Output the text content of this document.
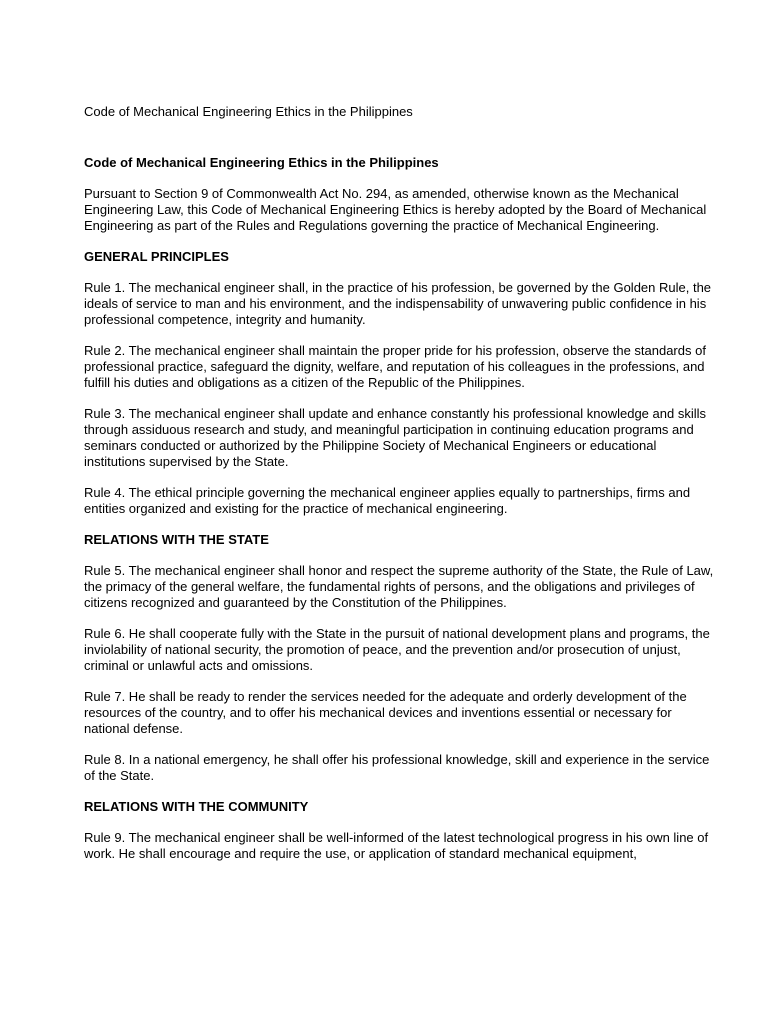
Code of Mechanical Engineering Ethics in the Philippines

Code of Mechanical Engineering Ethics in the Philippines

Pursuant to Section 9 of Commonwealth Act No. 294, as amended, otherwise known as the Mechanical Engineering Law, this Code of Mechanical Engineering Ethics is hereby adopted by the Board of Mechanical Engineering as part of the Rules and Regulations governing the practice of Mechanical Engineering.

GENERAL PRINCIPLES

Rule 1. The mechanical engineer shall, in the practice of his profession, be governed by the Golden Rule, the ideals of service to man and his environment, and the indispensability of unwavering public confidence in his professional competence, integrity and humanity.

Rule 2. The mechanical engineer shall maintain the proper pride for his profession, observe the standards of professional practice, safeguard the dignity, welfare, and reputation of his colleagues in the professions, and fulfill his duties and obligations as a citizen of the Republic of the Philippines.

Rule 3. The mechanical engineer shall update and enhance constantly his professional knowledge and skills through assiduous research and study, and meaningful participation in continuing education programs and seminars conducted or authorized by the Philippine Society of Mechanical Engineers or educational institutions supervised by the State.

Rule 4. The ethical principle governing the mechanical engineer applies equally to partnerships, firms and entities organized and existing for the practice of mechanical engineering.

RELATIONS WITH THE STATE

Rule 5. The mechanical engineer shall honor and respect the supreme authority of the State, the Rule of Law, the primacy of the general welfare, the fundamental rights of persons, and the obligations and privileges of citizens recognized and guaranteed by the Constitution of the Philippines.

Rule 6. He shall cooperate fully with the State in the pursuit of national development plans and programs, the inviolability of national security, the promotion of peace, and the prevention and/or prosecution of unjust, criminal or unlawful acts and omissions.

Rule 7. He shall be ready to render the services needed for the adequate and orderly development of the resources of the country, and to offer his mechanical devices and inventions essential or necessary for national defense.

Rule 8. In a national emergency, he shall offer his professional knowledge, skill and experience in the service of the State.

RELATIONS WITH THE COMMUNITY

Rule 9. The mechanical engineer shall be well-informed of the latest technological progress in his own line of work. He shall encourage and require the use, or application of standard mechanical equipment,
